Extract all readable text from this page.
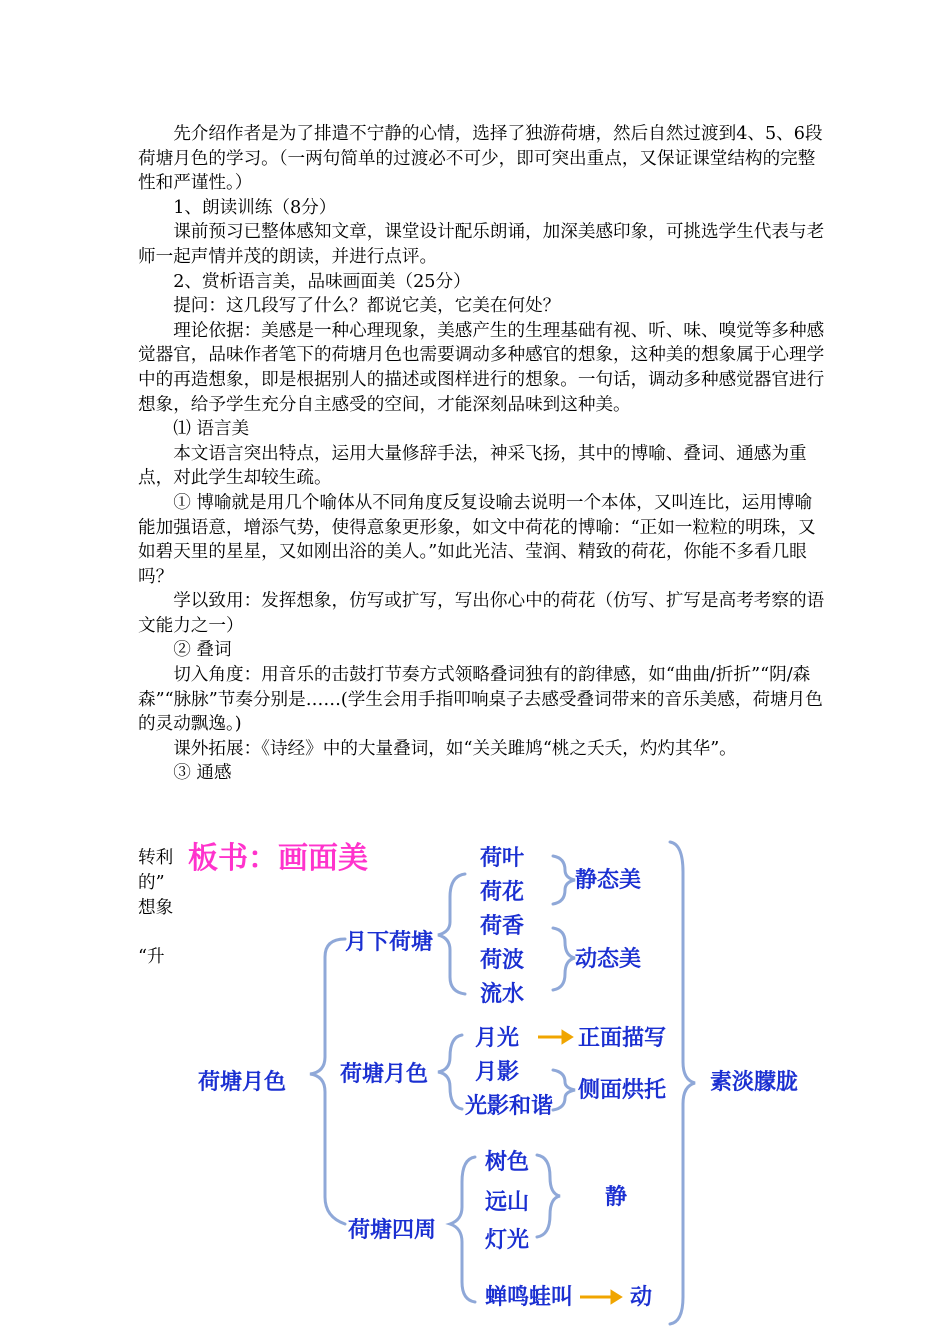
先介绍作者是为了排遣不宁静的心情，选择了独游荷塘，然后自然过渡到4、5、6段荷塘月色的学习。（一两句简单的过渡必不可少，即可突出重点，又保证课堂结构的完整性和严谨性。）

1、朗读训练（8分）

课前预习已整体感知文章，课堂设计配乐朗诵，加深美感印象，可挑选学生代表与老师一起声情并茂的朗读，并进行点评。

2、赏析语言美，品味画面美（25分）

提问：这几段写了什么？都说它美，它美在何处？

理论依据：美感是一种心理现象，美感产生的生理基础有视、听、味、嗅觉等多种感觉器官，品味作者笔下的荷塘月色也需要调动多种感官的想象，这种美的想象属于心理学中的再造想象，即是根据别人的描述或图样进行的想象。一句话，调动多种感觉器官进行想象，给予学生充分自主感受的空间，才能深刻品味到这种美。

⑴ 语言美

本文语言突出特点，运用大量修辞手法，神采飞扬，其中的博喻、叠词、通感为重点，对此学生却较生疏。

① 博喻就是用几个喻体从不同角度反复设喻去说明一个本体，又叫连比，运用博喻能加强语意，增添气势，使得意象更形象，如文中荷花的博喻：“正如一粒粒的明珠，又如碧天里的星星，又如刚出浴的美人。”如此光洁、莹润、精致的荷花，你能不多看几眼吗？

学以致用：发挥想象，仿写或扩写，写出你心中的荷花（仿写、扩写是高考考察的语文能力之一）

② 叠词

切入角度：用音乐的击鼓打节奏方式领略叠词独有的韵律感，如“曲曲/折折”“阴/森森”“脉脉”节奏分别是……(学生会用手指叩响桌子去感受叠词带来的音乐美感，荷塘月色的灵动飘逸。)

课外拓展：《诗经》中的大量叠词，如“关关雎鸠“桃之夭夭，灼灼其华”。

③ 通感

转利
的”
想象
“升
板书：画面美
荷塘月色
月下荷塘
荷塘月色
荷塘四周
荷叶
荷花
荷香
荷波
流水
静态美
动态美
月光
月影
光影和谐
正面描写
侧面烘托
树色
远山
灯光
蝉鸣蛙叫
静
动
素淡朦胧
